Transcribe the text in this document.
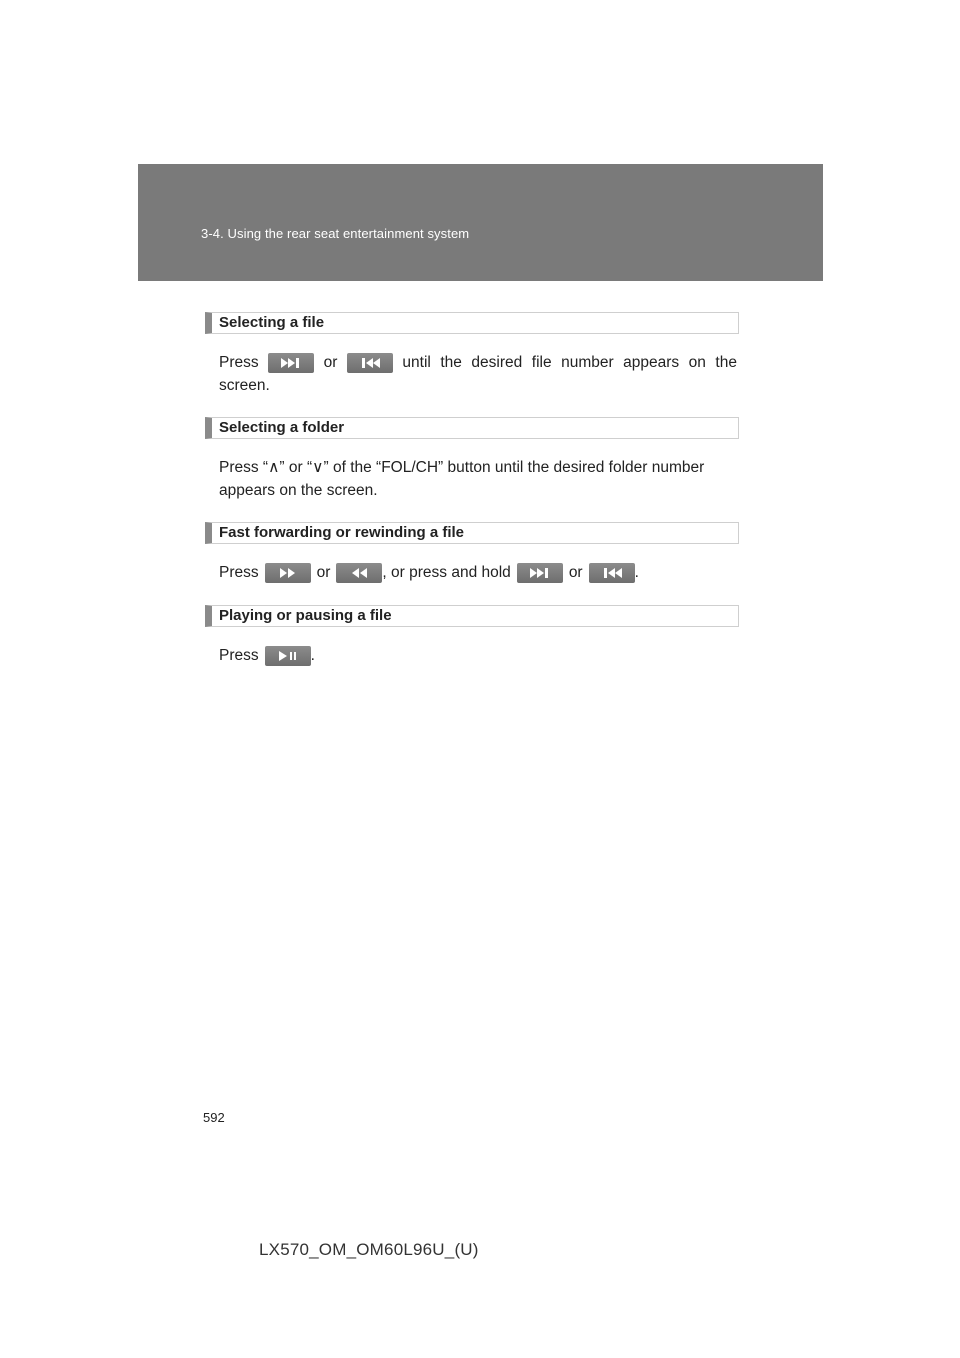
3-4. Using the rear seat entertainment system
Selecting a file
Press	or	until the desired file number appears on the
screen.
Selecting a folder
Press “∧” or “∨” of the “FOL/CH” button until the desired folder number
appears on the screen.
Fast forwarding or rewinding a file
Press	or	, or press and hold	or	.
Playing or pausing a file
Press	.
592
LX570_OM_OM60L96U_(U)
